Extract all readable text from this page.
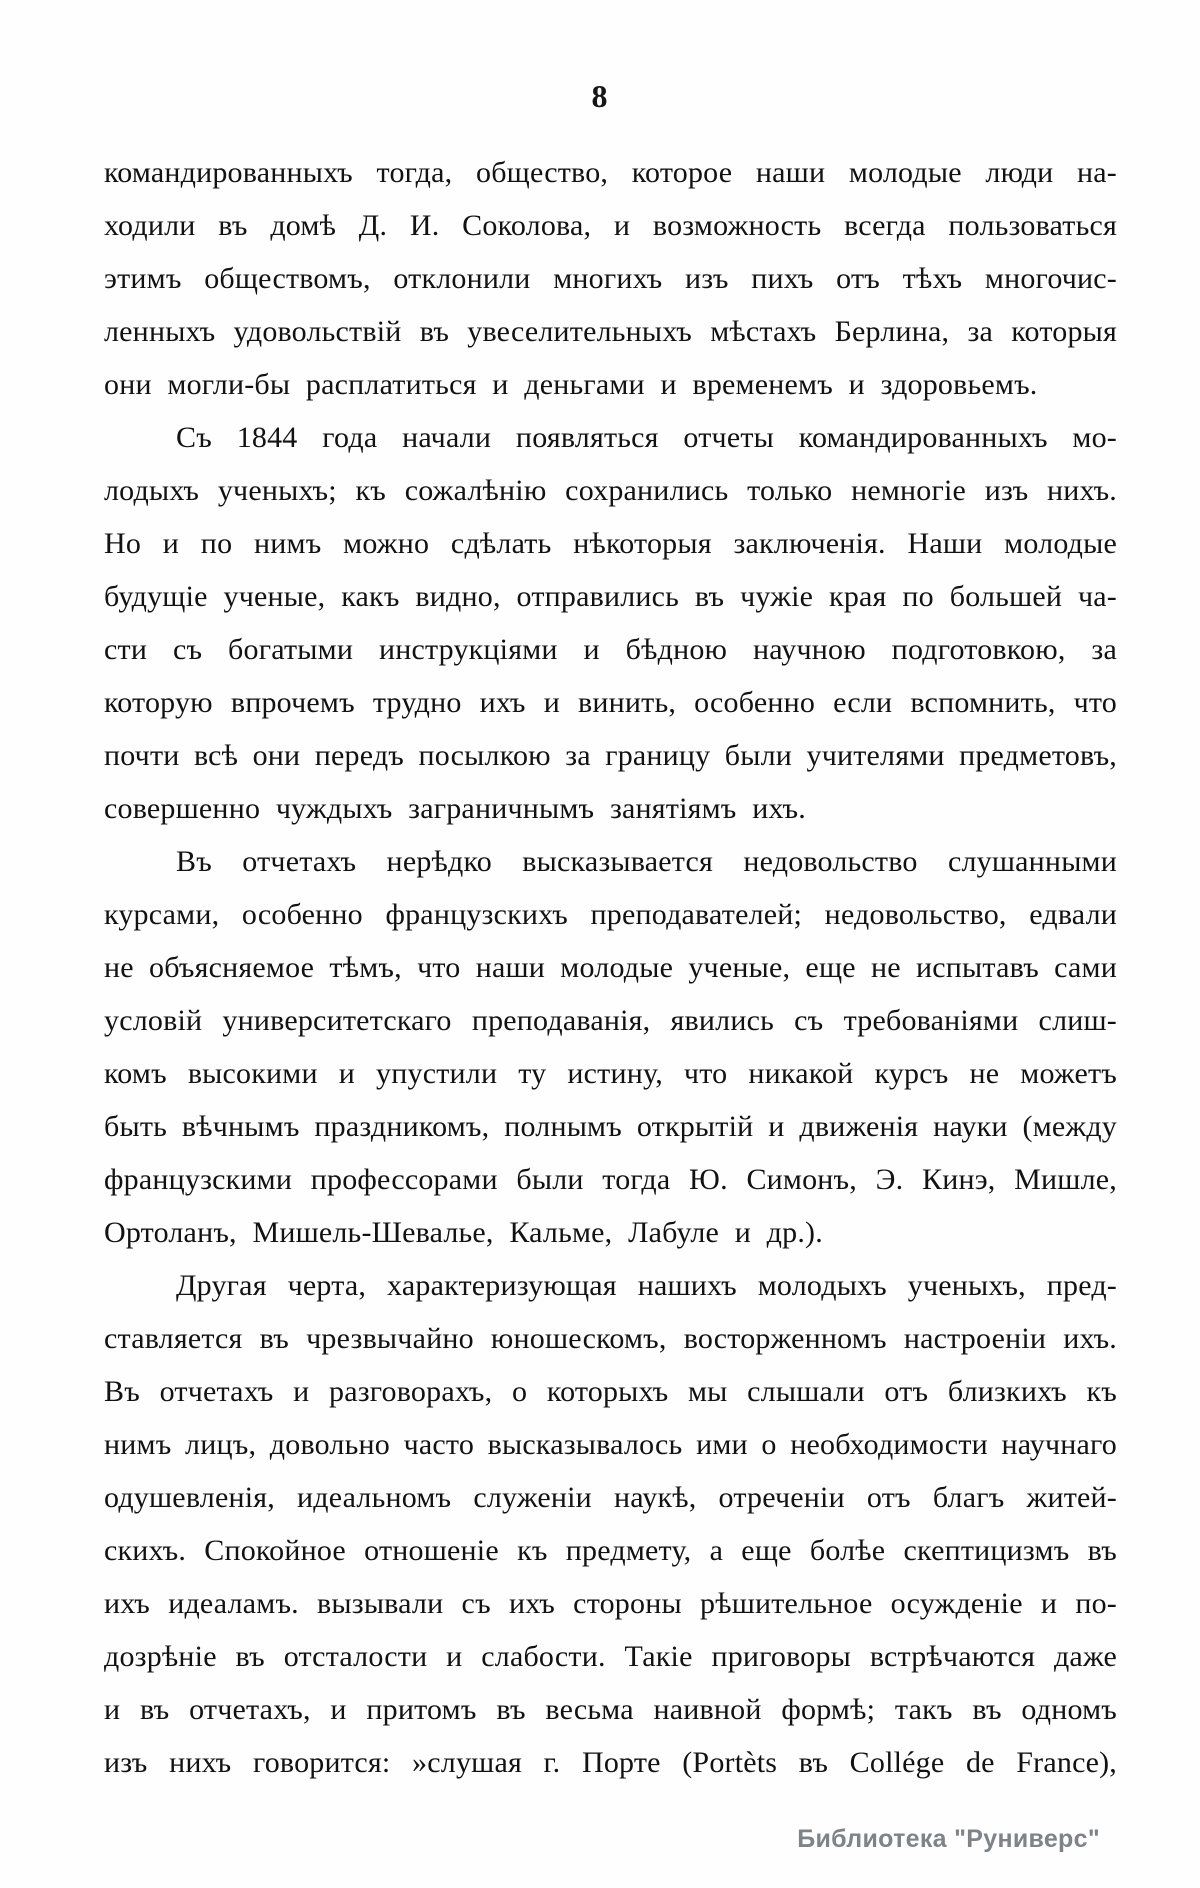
8
командированныхъ тогда, общество, которое наши молодые люди на-
ходили въ домѣ Д. И. Соколова, и возможность всегда пользоваться
этимъ обществомъ, отклонили многихъ изъ пихъ отъ тѣхъ многочис-
ленныхъ удовольствій въ увеселительныхъ мѣстахъ Берлина, за которыя
они могли-бы расплатиться и деньгами и временемъ и здоровьемъ.
Съ 1844 года начали появляться отчеты командированныхъ мо-
лодыхъ ученыхъ; къ сожалѣнію сохранились только немногіе изъ нихъ.
Но и по нимъ можно сдѣлать нѣкоторыя заключенія. Наши молодые
будущіе ученые, какъ видно, отправились въ чужіе края по большей ча-
сти съ богатыми инструкціями и бѣдною научною подготовкою, за
которую впрочемъ трудно ихъ и винить, особенно если вспомнить, что
почти всѣ они передъ посылкою за границу были учителями предметовъ,
совершенно чуждыхъ заграничнымъ занятіямъ ихъ.
Въ отчетахъ нерѣдко высказывается недовольство слушанными
курсами, особенно французскихъ преподавателей; недовольство, едвали
не объясняемое тѣмъ, что наши молодые ученые, еще не испытавъ сами
условій университетскаго преподаванія, явились съ требованіями слиш-
комъ высокими и упустили ту истину, что никакой курсъ не можетъ
быть вѣчнымъ праздникомъ, полнымъ открытій и движенія науки (между
французскими профессорами были тогда Ю. Симонъ, Э. Кинэ, Мишле,
Ортоланъ, Мишель-Шевалье, Кальме, Лабуле и др.).
Другая черта, характеризующая нашихъ молодыхъ ученыхъ, пред-
ставляется въ чрезвычайно юношескомъ, восторженномъ настроеніи ихъ.
Въ отчетахъ и разговорахъ, о которыхъ мы слышали отъ близкихъ къ
нимъ лицъ, довольно часто высказывалось ими о необходимости научнаго
одушевленія, идеальномъ служеніи наукѣ, отреченіи отъ благъ житей-
скихъ. Спокойное отношеніе къ предмету, а еще болѣе скептицизмъ въ
ихъ идеаламъ. вызывали съ ихъ стороны рѣшительное осужденіе и по-
дозрѣніе въ отсталости и слабости. Такіе приговоры встрѣчаются даже
и въ отчетахъ, и притомъ въ весьма наивной формѣ; такъ въ одномъ
изъ нихъ говорится: »слушая г. Порте (Portèts въ Collége de France),
Библиотека "Руниверс"
